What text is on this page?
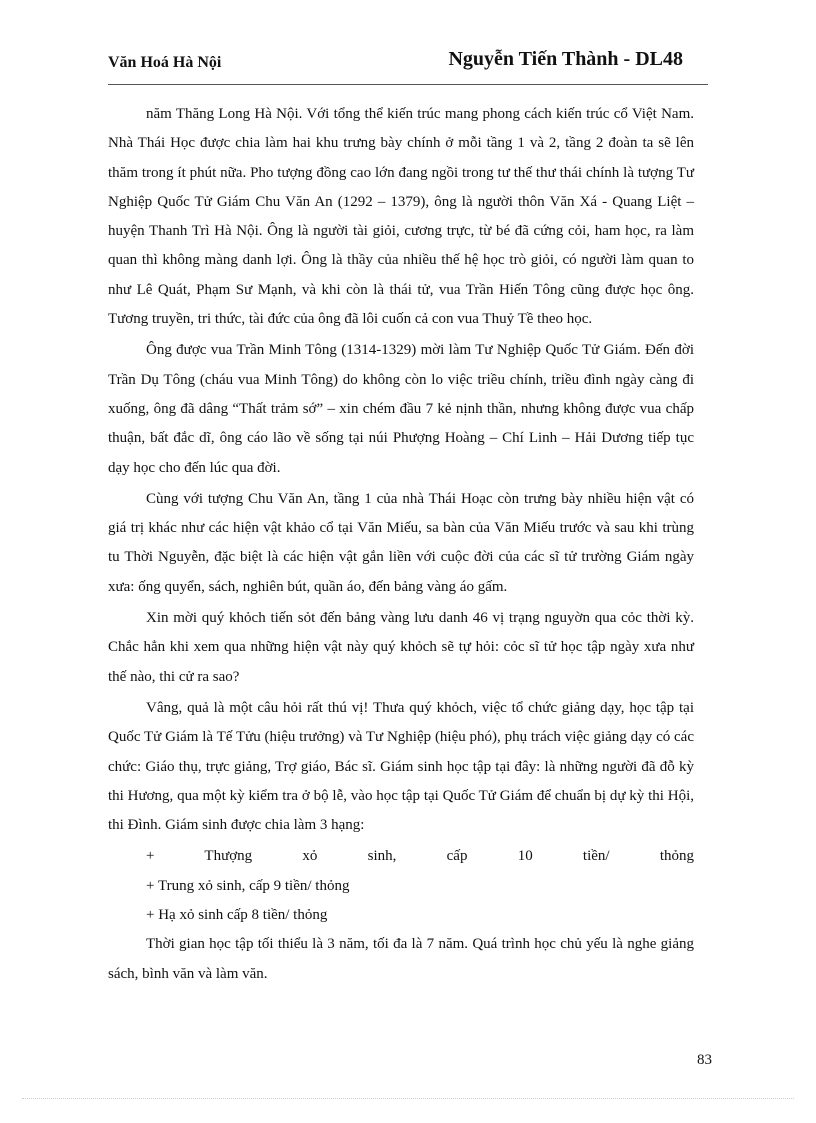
Văn Hoá Hà Nội	Nguyễn Tiến Thành - DL48

năm Thăng Long Hà Nội. Với tổng thể kiến trúc mang phong cách kiến trúc cổ Việt Nam. Nhà Thái Học được chia làm hai khu trưng bày chính ở mỗi tầng 1 và 2, tầng 2 đoàn ta sẽ lên thăm trong ít phút nữa. Pho tượng đồng cao lớn đang ngồi trong tư thế thư thái chính là tượng Tư Nghiệp Quốc Tử Giám Chu Văn An (1292 – 1379), ông là người thôn Văn Xá - Quang Liệt – huyện Thanh Trì Hà Nội. Ông là người tài giỏi, cương trực, từ bé đã cứng cỏi, ham học, ra làm quan thì không màng danh lợi. Ông là thầy của nhiều thế hệ học trò giỏi, có người làm quan to như Lê Quát, Phạm Sư Mạnh, và khi còn là thái tử, vua Trần Hiến Tông cũng được học ông. Tương truyền, tri thức, tài đức của ông đã lôi cuốn cả con vua Thuỷ Tề theo học.

Ông được vua Trần Minh Tông (1314-1329) mời làm Tư Nghiệp Quốc Tử Giám. Đến đời Trần Dụ Tông (cháu vua Minh Tông) do không còn lo việc triều chính, triều đình ngày càng đi xuống, ông đã dâng “Thất trảm sớ” – xin chém đầu 7 kẻ nịnh thần, nhưng không được vua chấp thuận, bất đắc dĩ, ông cáo lão về sống tại núi Phượng Hoàng – Chí Linh – Hải Dương tiếp tục dạy học cho đến lúc qua đời.

Cùng với tượng Chu Văn An, tầng 1 của nhà Thái Hoạc còn trưng bày nhiều hiện vật có giá trị khác như các hiện vật khảo cổ tại Văn Miếu, sa bàn của Văn Miếu trước và sau khi trùng tu Thời Nguyễn, đặc biệt là các hiện vật gắn liền với cuộc đời của các sĩ tử trường Giám ngày xưa: ống quyển, sách, nghiên bút, quần áo, đến bảng vàng áo gấm.

Xin mời quý khỏch tiến sỏt đến bảng vàng lưu danh 46 vị trạng nguyờn qua cỏc thời kỳ. Chắc hẳn khi xem qua những hiện vật này quý khỏch sẽ tự hỏi: cỏc sĩ tử học tập ngày xưa như thế nào, thi cử ra sao?

Vâng, quả là một câu hỏi rất thú vị! Thưa quý khỏch, việc tổ chức giảng dạy, học tập tại Quốc Tử Giám là Tế Tửu (hiệu trưởng) và Tư Nghiệp (hiệu phó), phụ trách việc giảng dạy có các chức: Giáo thụ, trực giảng, Trợ giáo, Bác sĩ. Giám sinh học tập tại đây: là những người đã đỗ kỳ thi Hương, qua một kỳ kiểm tra ở bộ lễ, vào học tập tại Quốc Tử Giám để chuẩn bị dự kỳ thi Hội, thi Đình. Giám sinh được chia làm 3 hạng:

+ Thượng xỏ sinh, cấp 10 tiền/ thỏng

+ Trung xỏ sinh, cấp 9 tiền/ thỏng

+ Hạ xỏ sinh cấp 8 tiền/ thỏng

Thời gian học tập tối thiểu là 3 năm, tối đa là 7 năm. Quá trình học chủ yếu là nghe giảng sách, bình văn và làm văn.

83
